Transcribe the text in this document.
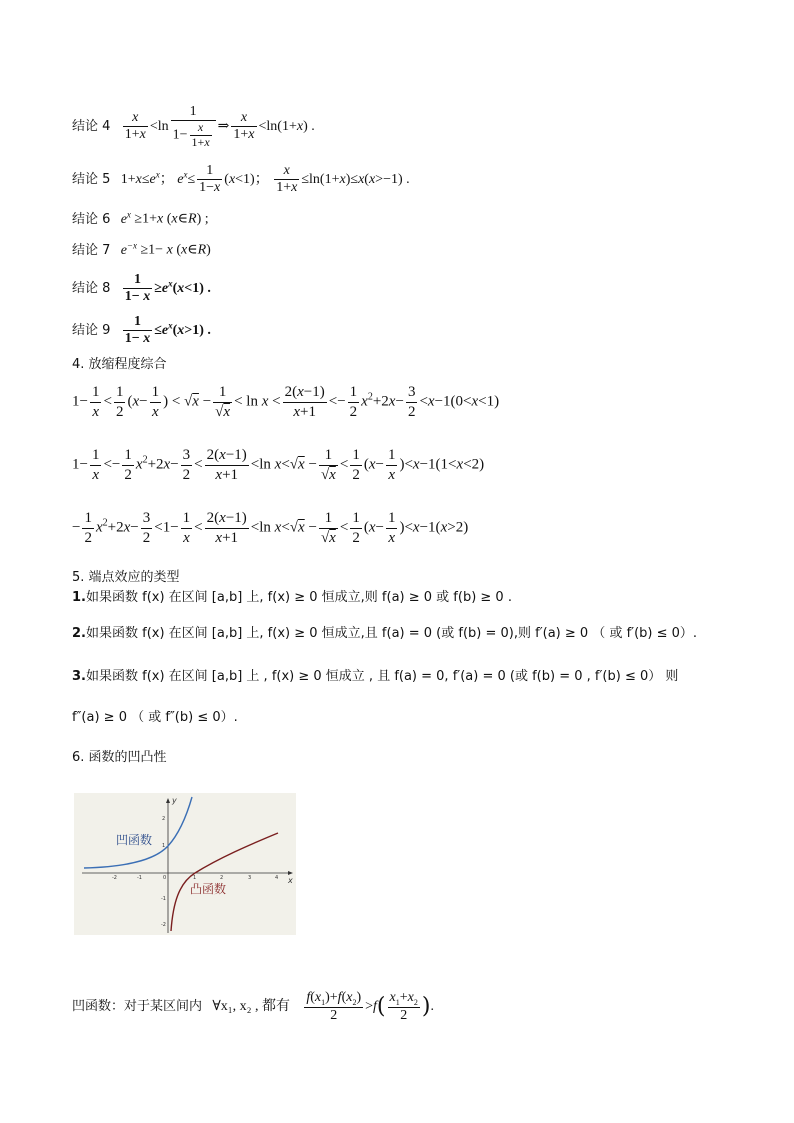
结论 $4 \frac{x}{1+x} <\ln \frac{1}{1- \frac{x}{1+x}}$ ⇒ $\frac{x}{1+x} <\ln(1+x)$ .
结论 5 $1+x\le e^x$； $e^x\le \frac{1}{1-x} (x<1)$； $\frac{x}{1+x} \le\ln(1+x)\le x(x>-1)$ .
结论 6 $e^x \ge 1+x$ (x∈R) ;
结论 7 $e^{-x} \ge 1- x$ (x∈R)
结论 $8 \frac{1}{1- x} \ge e^x(x<1)$ .
结论 $9 \frac{1}{1- x} \le e^x(x>1)$ .
4. 放缩程度综合
$1- \frac{1}{x} < \frac{1}{2} (x- \frac{1}{x}$ ) < $√x - \frac{1}{√x} < \ln x < \frac{2(x-1)}{x+1} <- \frac{1}{2} x^2+2x- \frac{3}{2} <x-1(0<x<1)$
$1- \frac{1}{x} <- \frac{1}{2} x^2+2x- \frac{3}{2} < \frac{2(x-1)}{x+1} <\ln$ $x<√x - \frac{1}{√x} < \frac{1}{2} (x- \frac{1}{x} )<x-1(1<x<2)$
− $\frac{1}{2} x^2+2x- \frac{3}{2} <1- \frac{1}{x} < \frac{2(x-1)}{x+1} <\ln$ $x<√x - \frac{1}{√x} < \frac{1}{2} (x- \frac{1}{x} )<x-1(x>2)$
5. 端点效应的类型
1.如果函数 f(x) 在区间 [a,b] 上, f(x) ≥ 0 恒成立,则 f(a) ≥ 0 或 f(b) ≥ 0 .
2.如果函数 f(x) 在区间 [a,b] 上, f(x) ≥ 0 恒成立,且 f(a) = 0 (或 f(b) = 0),则 f′(a) ≥ 0 （ 或 f′(b) ≤ 0）.
3.如果函数 f(x) 在区间 [a,b] 上 , f(x) ≥ 0 恒成立 , 且 f(a) = 0, f′(a) = 0 (或 f(b) = 0 , f′(b) ≤ 0） 则
f″(a) ≥ 0 （ 或 f″(b) ≤ 0）.
6. 函数的凹凸性
x
y
-2	-1	0	1	2	3	4
2
1
-1
-2
凹函数
凸函数
凹函数：对于某区间内 ∀x₁, x₂ , 都有 $\frac{f(x_1)+f(x_2)}{2} >f( \frac{x_1+x_2}{2}$ ).
